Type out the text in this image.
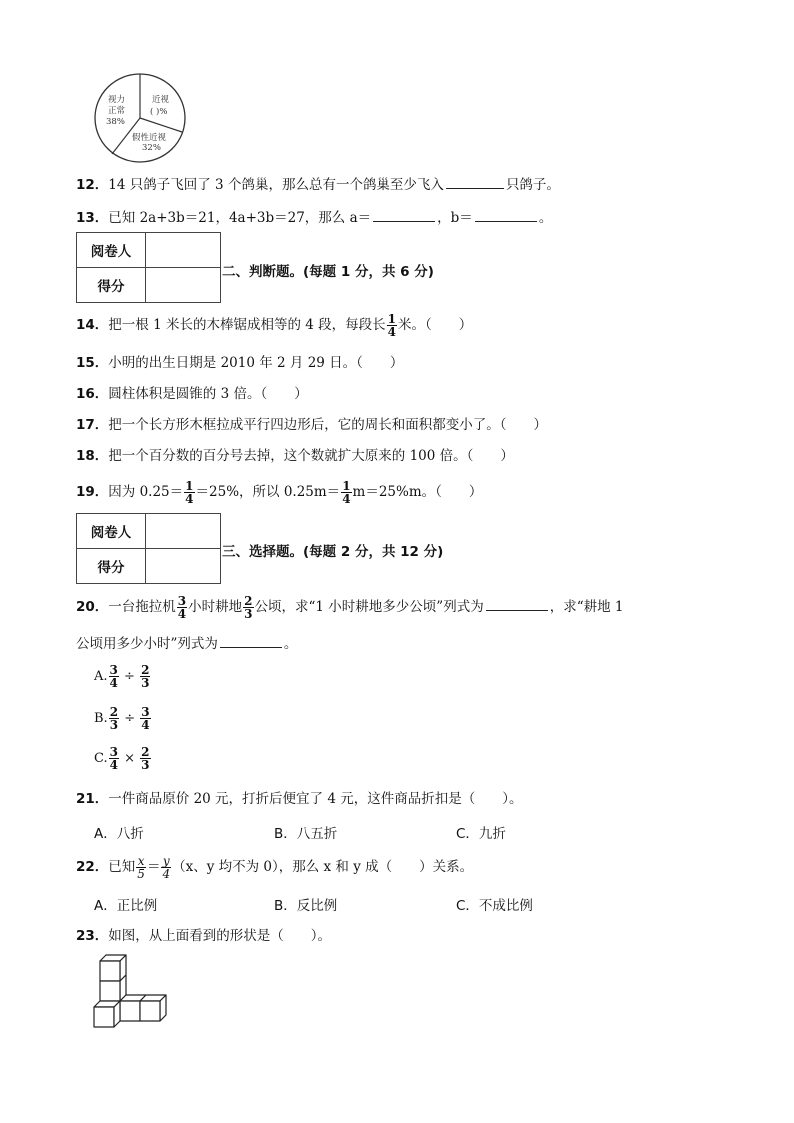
视力
正常
38%
近视
( )%
假性近视
32%
12．14 只鸽子飞回了 3 个鸽巢，那么总有一个鸽巢至少飞入	只鸽子。
13．已知 2a+3b＝21，4a+3b＝27，那么 a＝	，b＝	。
阅卷人	
得分	
二、判断题。(每题 1 分，共 6 分)
14．把一根 1 米长的木棒锯成相等的 4 段，每段长 $\frac{1}{4}$ 米。（　　）
15．小明的出生日期是 2010 年 2 月 29 日。（　　）
16．圆柱体积是圆锥的 3 倍。（　　）
17．把一个长方形木框拉成平行四边形后，它的周长和面积都变小了。（　　）
18．把一个百分数的百分号去掉，这个数就扩大原来的 100 倍。（　　）
19．因为 $0.25= \frac{1}{4} =25\%$，所以 $0.25m= \frac{1}{4} m=25\%m$。（　　）
阅卷人	
得分	
三、选择题。(每题 2 分，共 12 分)
20．一台拖拉机 $\frac{3}{4}$ 小时耕地 $\frac{2}{3}$ 公顷，求“1 小时耕地多少公顷”列式为	，求“耕地 1
公顷用多少小时”列式为	。
A. $\frac{3}{4} \div \frac{2}{3}$
B. $\frac{2}{3} \div \frac{3}{4}$
C. $\frac{3}{4} \times \frac{2}{3}$
21．一件商品原价 20 元，打折后便宜了 4 元，这件商品折扣是（　　）。
A．八折	B．八五折	C．九折
22．已知 $\frac{x}{5} = \frac{y}{4} (x$、y 均不为 0），那么 x 和 y 成（　　）关系。
A．正比例	B．反比例	C．不成比例
23．如图，从上面看到的形状是（　　）。
